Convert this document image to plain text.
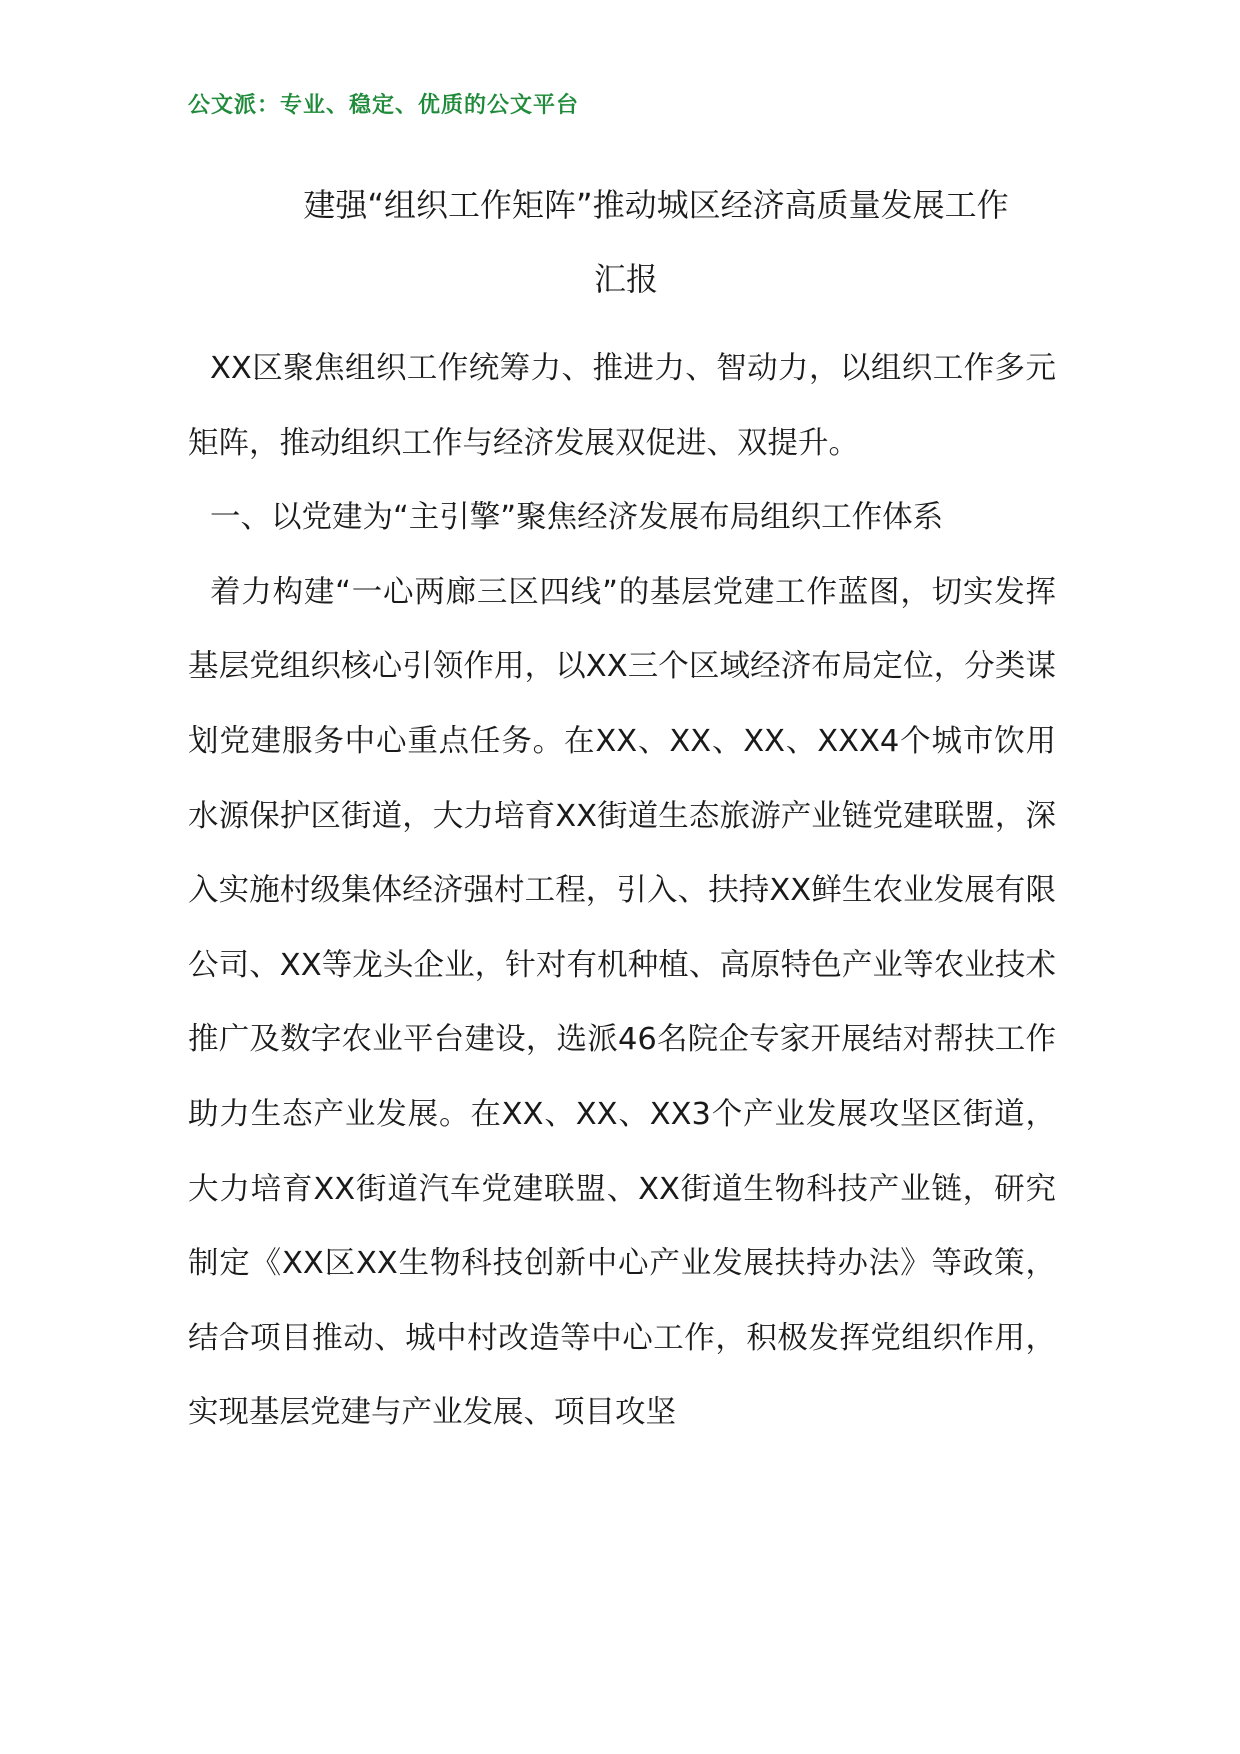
公文派：专业、稳定、优质的公文平台
建强“组织工作矩阵”推动城区经济高质量发展工作
汇报

XX区聚焦组织工作统筹力、推进力、智动力，以组织工作多元矩阵，推动组织工作与经济发展双促进、双提升。

一、以党建为“主引擎”聚焦经济发展布局组织工作体系

着力构建“一心两廊三区四线”的基层党建工作蓝图，切实发挥基层党组织核心引领作用，以XX三个区域经济布局定位，分类谋划党建服务中心重点任务。在XX、XX、XX、XXX4个城市饮用水源保护区街道，大力培育XX街道生态旅游产业链党建联盟，深入实施村级集体经济强村工程，引入、扶持XX鲜生农业发展有限公司、XX等龙头企业，针对有机种植、高原特色产业等农业技术推广及数字农业平台建设，选派46名院企专家开展结对帮扶工作助力生态产业发展。在XX、XX、XX3个产业发展攻坚区街道，大力培育XX街道汽车党建联盟、XX街道生物科技产业链，研究制定《XX区XX生物科技创新中心产业发展扶持办法》等政策，结合项目推动、城中村改造等中心工作，积极发挥党组织作用，实现基层党建与产业发展、项目攻坚
